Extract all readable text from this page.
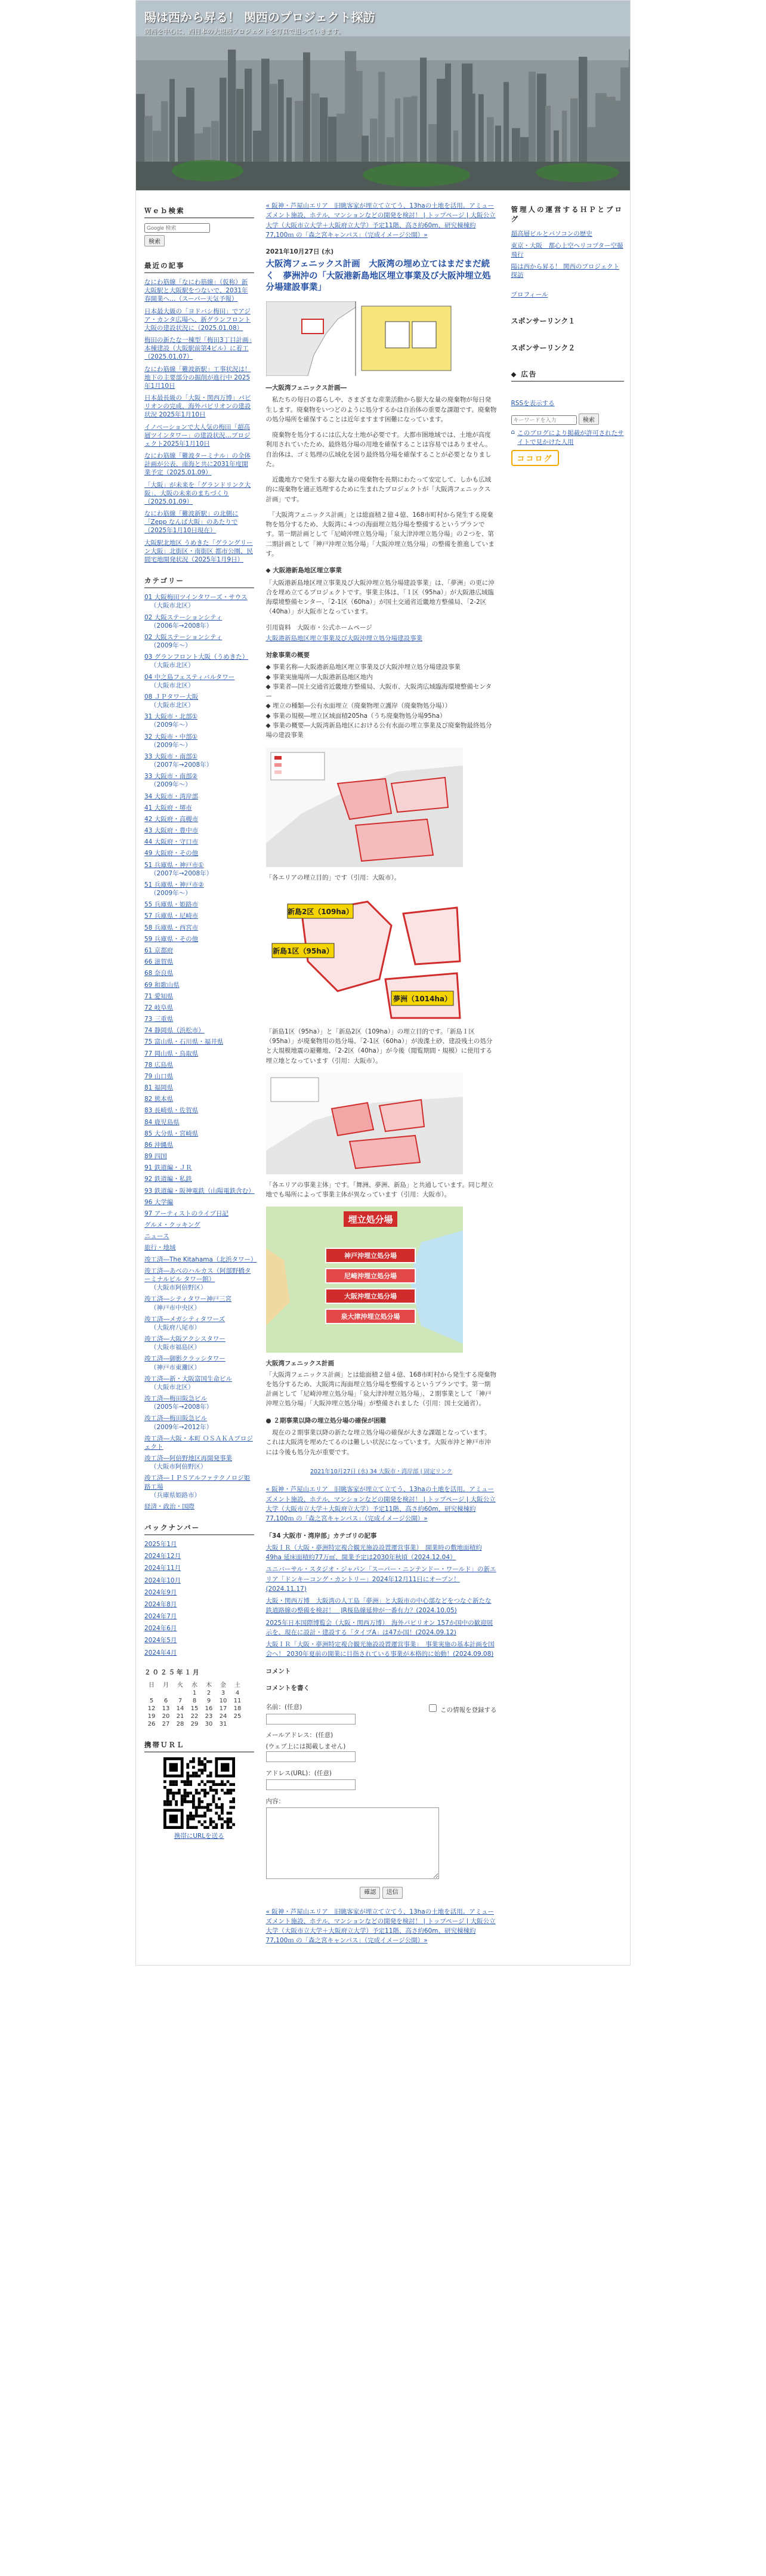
陽は西から昇る！ 関西のプロジェクト探訪

関西を中心に、西日本の大規模プロジェクトを写真で追っていきます。

Ｗｅｂ検索
Google 検索
検索
最近の記事
なにわ筋線「なにわ筋線」（仮称）新大阪駅と大阪駅をつないで、2031年春開業へ…（スーパー天気予報）
日本最大級の「ヨドバシ梅田」でアジア・カンタ広場へ、新グランフロント大阪の建設状況に（2025.01.08）
梅田の新たな一棟型「梅田3丁目計画」本棟建設（大阪駅前第4ビル）に着工（2025.01.07）
なにわ筋線「難波新駅」工事状況は！地下の主要部分の掘削が進行中 2025年1月10日
日本最長級の「大阪・関西万博」パビリオンの完成、海外パビリオンの建設状況 2025年1月10日
イノベーションで大人気の梅田「超高層ツインタワー」の建設状況…プロジェクト2025年1月10日
なにわ筋線「難波ターミナル」の全体計画が公表、南海と共に2031年度開業予定（2025.01.09）
「大阪」が未来を「グランドリンク大阪」、大阪の未来のまちづくり（2025.01.09）
なにわ筋線「難波新駅」の北側に「Zepp なんば大阪」のあたりで（2025年1月10日現在）
大阪駅北地区 うめきた「グラングリーン大阪」北街区・南街区 都市公園、民間宅地開発状況（2025年1月9日）
カテゴリー
01 大阪梅田ツインタワーズ・サウス
（大阪市北区）
02 大阪ステーションシティ
（2006年→2008年）
02 大阪ステーションシティ
（2009年〜）
03 グランフロント大阪（うめきた）
（大阪市北区）
04 中之島フェスティバルタワー
（大阪市北区）
08 ＪＰタワー大阪
（大阪市北区）
31 大阪市・北部①
（2009年〜）
32 大阪市・中部①
（2009年〜）
33 大阪市・南部①
（2007年→2008年）
33 大阪市・南部②
（2009年〜）
34 大阪市・湾岸部
41 大阪府・堺市
42 大阪府・高槻市
43 大阪府・豊中市
44 大阪府・守口市
49 大阪府・その他
51 兵庫県・神戸市①
（2007年→2008年）
51 兵庫県・神戸市②
（2009年〜）
55 兵庫県・姫路市
57 兵庫県・尼崎市
58 兵庫県・西宮市
59 兵庫県・その他
61 京都府
66 滋賀県
68 奈良県
69 和歌山県
71 愛知県
72 岐阜県
73 三重県
74 静岡県（浜松市）
75 富山県・石川県・福井県
77 岡山県・鳥取県
78 広島県
79 山口県
81 福岡県
82 熊本県
83 長崎県・佐賀県
84 鹿児島県
85 大分県・宮崎県
86 沖縄県
89 四国
91 鉄道編・ＪＲ
92 鉄道編・私鉄
93 鉄道編・阪神電鉄（山陽電鉄含む）
96 大学編
97 アーティストのライブ日記
グルメ・クッキング
ニュース
旅行・地域
竣工済―The Kitahama（北浜タワー）
竣工済―あべのハルカス（阿部野橋ターミナルビル タワー館）
（大阪市阿倍野区）
竣工済―シティタワー神戸三宮
（神戸市中央区）
竣工済―メガシティタワーズ
（大阪府八尾市）
竣工済―大阪アクシスタワー
（大阪市福島区）
竣工済―御影クラッシタワー
（神戸市東灘区）
竣工済―新・大阪富国生命ビル
（大阪市北区）
竣工済―梅田阪急ビル
（2005年→2008年）
竣工済―梅田阪急ビル
（2009年→2012年）
竣工済―大阪・本町 ＯＳＡＫＡプロジェクト
竣工済―阿倍野地区再開発事業
（大阪市阿倍野区）
竣工済―ＩＰＳアルファテクノロジ姫路工場
（兵庫県姫路市）
経済・政治・国際
バックナンバー
2025年1月
2024年12月
2024年11月
2024年10月
2024年9月
2024年8月
2024年7月
2024年6月
2024年5月
2024年4月
２０２５年１月
日	月	火	水	木	金	土
			1	2	3	4
5	6	7	8	9	10	11
12	13	14	15	16	17	18
19	20	21	22	23	24	25
26	27	28	29	30	31	
携帯ＵＲＬ
携帯にURLを送る
« 阪神・芦屋山エリア　旧眺客家が埋立て立てう、13haの土地を活用。アミューズメント施設、ホテル、マンションなどの開発を検討！ | トップページ | 大阪公立大学（大阪市立大学＋大阪府立大学）予定11階、高さ約60m、研究棟棟約77,100ｍ の「森之宮キャンパス」（完成イメージ公開）»
2021年10月27日 (水)
大阪湾フェニックス計画　大阪湾の埋め立てはまだまだ続く　夢洲沖の「大阪港新島地区埋立事業及び大阪沖埋立処分場建設事業」
―大阪湾フェニックス計画―

　私たちの毎日の暮らしや、さまざまな産業活動から膨大な量の廃棄物が毎日発生します。廃棄物をいつどのように処分するかは自治体の重要な課題です。廃棄物の処分場所を確保することは近年ますます困難になっています。

　廃棄物を処分するには広大な土地が必要です。大都市圏地域では、土地が高度利用されていたため、最終処分場の用地を確保することは容易ではありません。自治体は、ゴミ処理の広域化を図り最終処分場を確保することが必要となりました。

　近畿地方で発生する膨大な量の廃棄物を長期にわたって安定して、しかも広域的に廃棄物を適正処理するために生まれたプロジェクトが「大阪湾フェニックス計画」です。

　「大阪湾フェニックス計画」とは総面積２億４億、168市町村から発生する廃棄物を処分するため、大阪湾に４つの海面埋立処分場を整備するというプランです。第一期計画として「尼崎沖埋立処分場」「泉大津沖埋立処分場」の２つを、第二期計画として「神戸沖埋立処分場」「大阪沖埋立処分場」の整備を推進しています。

◆ 大阪港新島地区埋立事業

「大阪港新島地区埋立事業及び大阪沖埋立処分場建設事業」は、「夢洲」の更に沖合を埋め立てるプロジェクトです。事業主体は、「１区（95ha）」が大阪港広域臨海環境整備センター、「2-1区（60ha）」が国土交通省近畿地方整備局、「2-2区（40ha）」が大阪市となっています。

引用資料　大阪市・公式ホームページ

大阪港新島地区埋立事業及び大阪沖埋立処分場建設事業

対象事業の概要
◆ 事業名称―大阪港新島地区埋立事業及び大阪沖埋立処分場建設事業
◆ 事業実施場所―大阪港新島地区地内
◆ 事業者―国土交通省近畿地方整備局、大阪市、大阪湾広域臨海環境整備センター
◆ 埋立の種類―公有水面埋立（廃棄物埋立護岸（廃棄物処分場））
◆ 事業の規模―埋立区域面積205ha（うち廃棄物処分場95ha）
◆ 事業の概要―大阪湾新島地区における公有水面の埋立事業及び廃棄物最終処分場の建設事業

「各エリアの埋立目的」です（引用：大阪市）。

新島2区（109ha）
新島1区（95ha）
夢洲（1014ha）

「新島1区（95ha）」と「新島2区（109ha）」の埋立目的です。「新島１区（95ha）」が廃棄物用の処分場、「2-1区（60ha）」が浚渫土砂、建設残土の処分と大規模地震の避難地、「2-2区（40ha）」が今後（閲覧期間・規模）に使用する埋立地となっています（引用：大阪市）。

「各エリアの事業主体」です。「舞洲、夢洲、新島」と共通しています。同じ埋立地でも場所によって事業主体が異なっています（引用：大阪市）。

埋立処分場
神戸沖埋立処分場
尼崎沖埋立処分場
大阪沖埋立処分場
泉大津沖埋立処分場

大阪湾フェニックス計画

「大阪湾フェニックス計画」とは総面積２億４億、168市町村から発生する廃棄物を処分するため、大阪湾に海面埋立処分場を整備するというプランです。第一期計画として「尼崎沖埋立処分場」「泉大津沖埋立処分場」、２期事業として「神戸沖埋立処分場」「大阪沖埋立処分場」が整備されました（引用：国土交通省）。

● ２期事業以降の埋立処分場の確保が困難

　現在の２期事業以降の新たな埋立処分場の確保が大きな課題となっています。これは大阪湾を埋めたてるのは難しい状況になっています。大阪市沖と神戸市沖には今後も処分先が重要です。

2021年10月27日 (水) 34 大阪市・湾岸部 | 固定リンク
« 阪神・芦屋山エリア　旧眺客家が埋立て立てう、13haの土地を活用。アミューズメント施設、ホテル、マンションなどの開発を検討！ | トップページ | 大阪公立大学（大阪市立大学＋大阪府立大学）予定11階、高さ約60m、研究棟棟約77,100ｍ の「森之宮キャンパス」（完成イメージ公開）»
「34 大阪市・湾岸部」カテゴリの記事
大阪ＩＲ（大阪・夢洲特定複合観光施設設置運営事業）　開業時の敷地面積約49ha 延床面積約77万㎡、開業予定は2030年秋頃（2024.12.04）
ユニバーサル・スタジオ・ジャパン「スーパー・ニンテンドー・ワールド」の新エリア「ドンキーコング・カントリー」2024年12月11日にオープン！(2024.11.17)
大阪・関西万博　大阪湾の人工島「夢洲」と大阪市の中心部などをつなぐ新たな鉄道路線の整備を検討！　JR桜島線延伸が一番有力？(2024.10.05)
2025年日本国際博覧会（大阪・関西万博）　海外パビリオン 157か国中の歓迎展示を、現在に設計・建設する「タイプA」は47か国！(2024.09.12)
大阪ＩＲ「大阪・夢洲特定複合観光施設設置運営事業」　事業実施の基本計画を国会へ！ 2030年夏前の開業に目指されている事業が本格的に始動！(2024.09.08)
コメント
コメントを書く
名前：(任意)	この情報を登録する
メールアドレス：(任意)
(ウェブ上には掲載しません)
アドレス(URL)：(任意)
内容：
確認 送信
« 阪神・芦屋山エリア　旧眺客家が埋立て立てう、13haの土地を活用。アミューズメント施設、ホテル、マンションなどの開発を検討！ | トップページ | 大阪公立大学（大阪市立大学＋大阪府立大学）予定11階、高さ約60m、研究棟棟約77,100ｍ の「森之宮キャンパス」（完成イメージ公開）»
管理人の運営するＨＰとブログ
超高層ビルとパソコンの歴史
東京・大阪　都心上空ヘリコプター空撮飛行
陽は西から昇る！ 関西のプロジェクト探訪
プロフィール
スポンサーリンク１
スポンサーリンク２
◆ 広告
RSSを表示する
キーワードを入力 検索
⌂ このブログにより掲載が許可されたサイトで見かけた人用
ココログ
